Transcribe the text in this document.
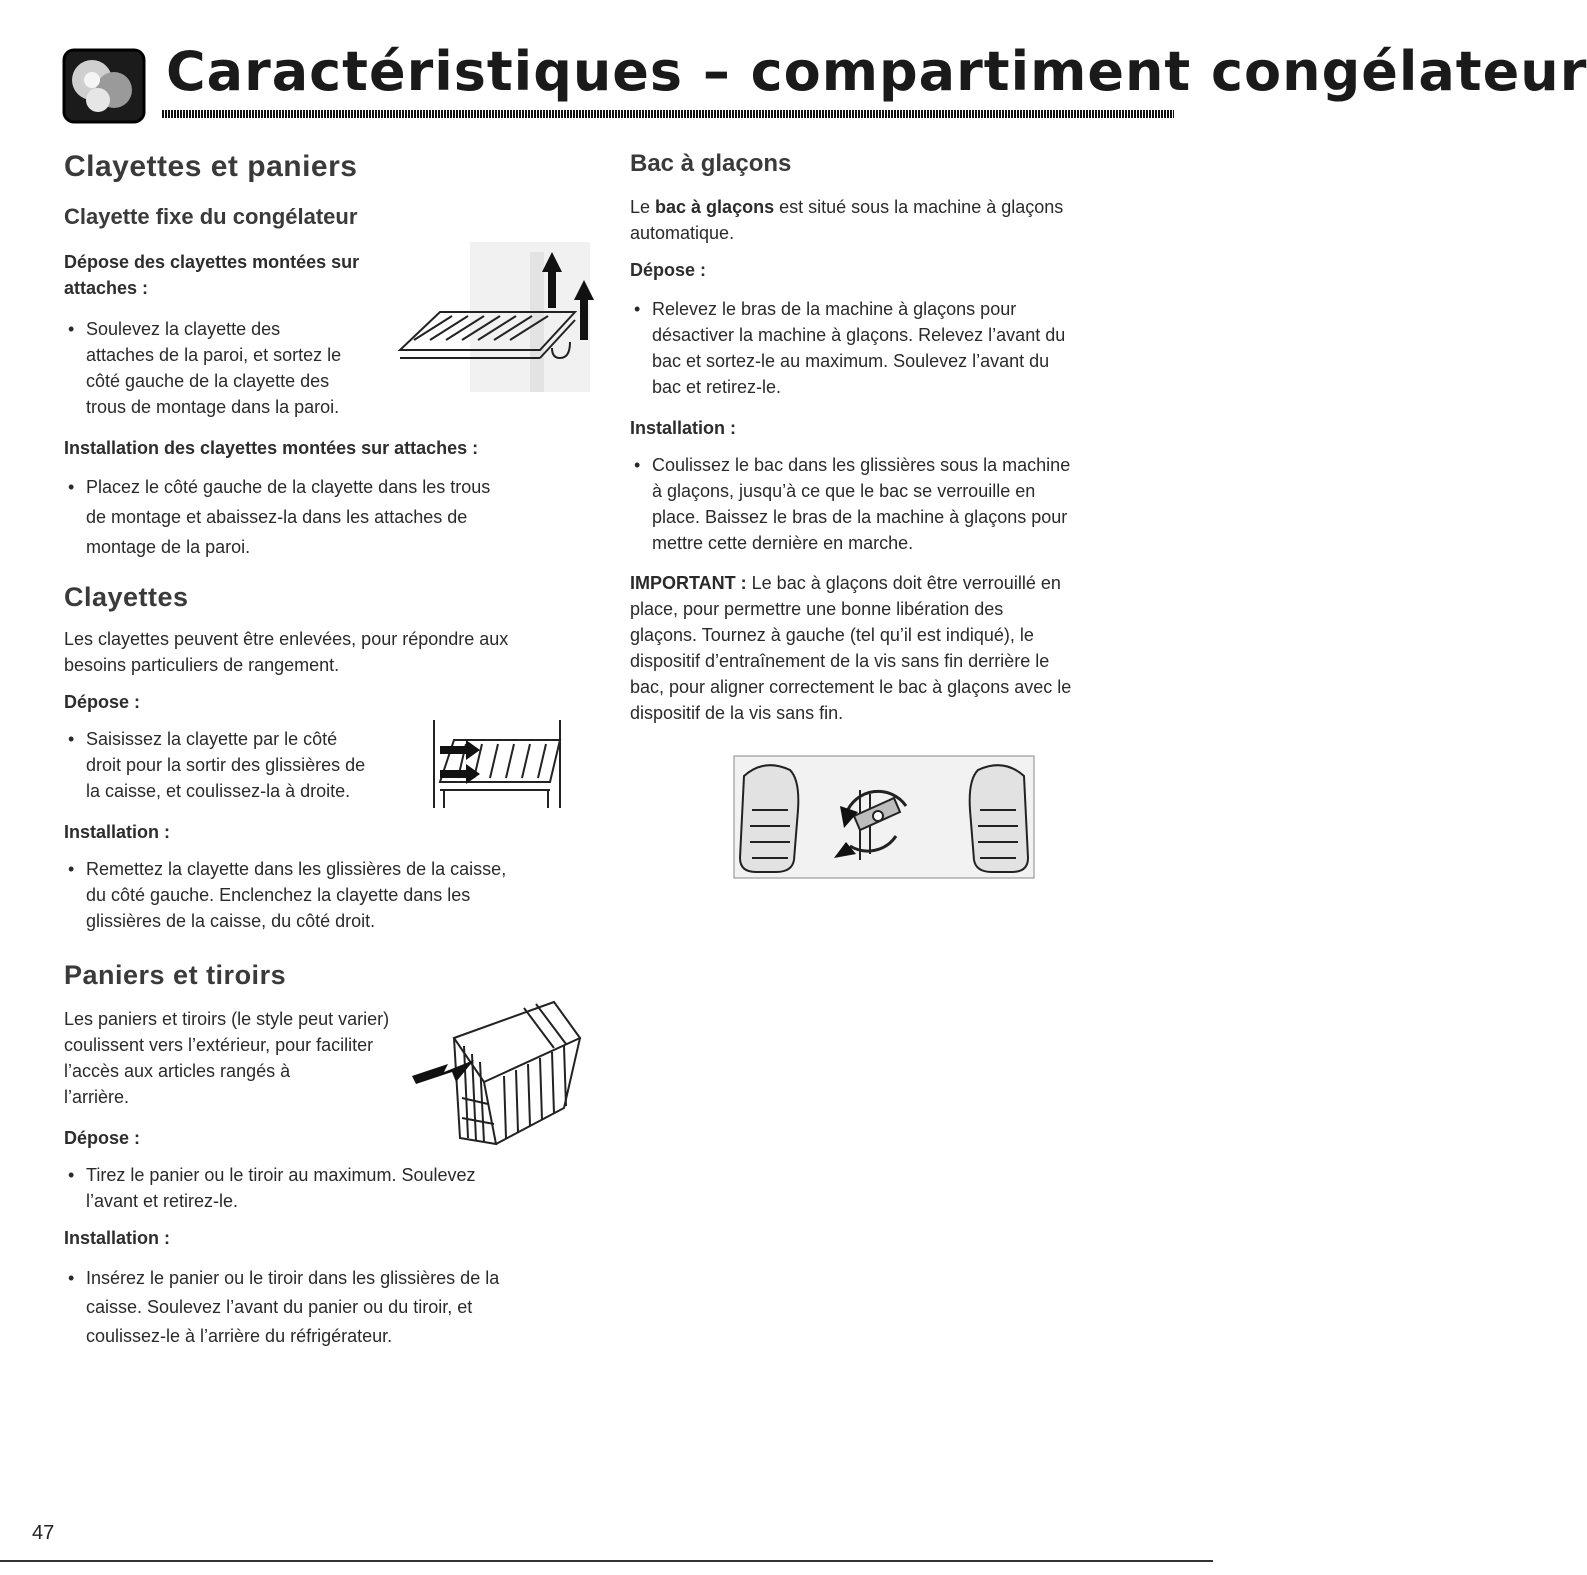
Caractéristiques – compartiment congélateur
Clayettes et paniers
Clayette fixe du congélateur
Dépose des clayettes montées sur
attaches :
• Soulevez la clayette des
attaches de la paroi, et sortez le
côté gauche de la clayette des
trous de montage dans la paroi.
Installation des clayettes montées sur attaches :
• Placez le côté gauche de la clayette dans les trous
de montage et abaissez-la dans les attaches de
montage de la paroi.
Clayettes

Les clayettes peuvent être enlevées, pour répondre aux

besoins particuliers de rangement.

Dépose :
• Saisissez la clayette par le côté
droit pour la sortir des glissières de
la caisse, et coulissez-la à droite.
Installation :
• Remettez la clayette dans les glissières de la caisse,
du côté gauche. Enclenchez la clayette dans les
glissières de la caisse, du côté droit.
Paniers et tiroirs

Les paniers et tiroirs (le style peut varier)

coulissent vers l’extérieur, pour faciliter

l’accès aux articles rangés à

l’arrière.

Dépose :
• Tirez le panier ou le tiroir au maximum. Soulevez
l’avant et retirez-le.
Installation :
• Insérez le panier ou le tiroir dans les glissières de la
caisse. Soulevez l’avant du panier ou du tiroir, et
coulissez-le à l’arrière du réfrigérateur.
Bac à glaçons

Le bac à glaçons est situé sous la machine à glaçons

automatique.

Dépose :
• Relevez le bras de la machine à glaçons pour
désactiver la machine à glaçons. Relevez l’avant du
bac et sortez-le au maximum. Soulevez l’avant du
bac et retirez-le.
Installation :
• Coulissez le bac dans les glissières sous la machine
à glaçons, jusqu’à ce que le bac se verrouille en
place. Baissez le bras de la machine à glaçons pour
mettre cette dernière en marche.

IMPORTANT : Le bac à glaçons doit être verrouillé en

place, pour permettre une bonne libération des

glaçons. Tournez à gauche (tel qu’il est indiqué), le

dispositif d’entraînement de la vis sans fin derrière le

bac, pour aligner correctement le bac à glaçons avec le

dispositif de la vis sans fin.

47
